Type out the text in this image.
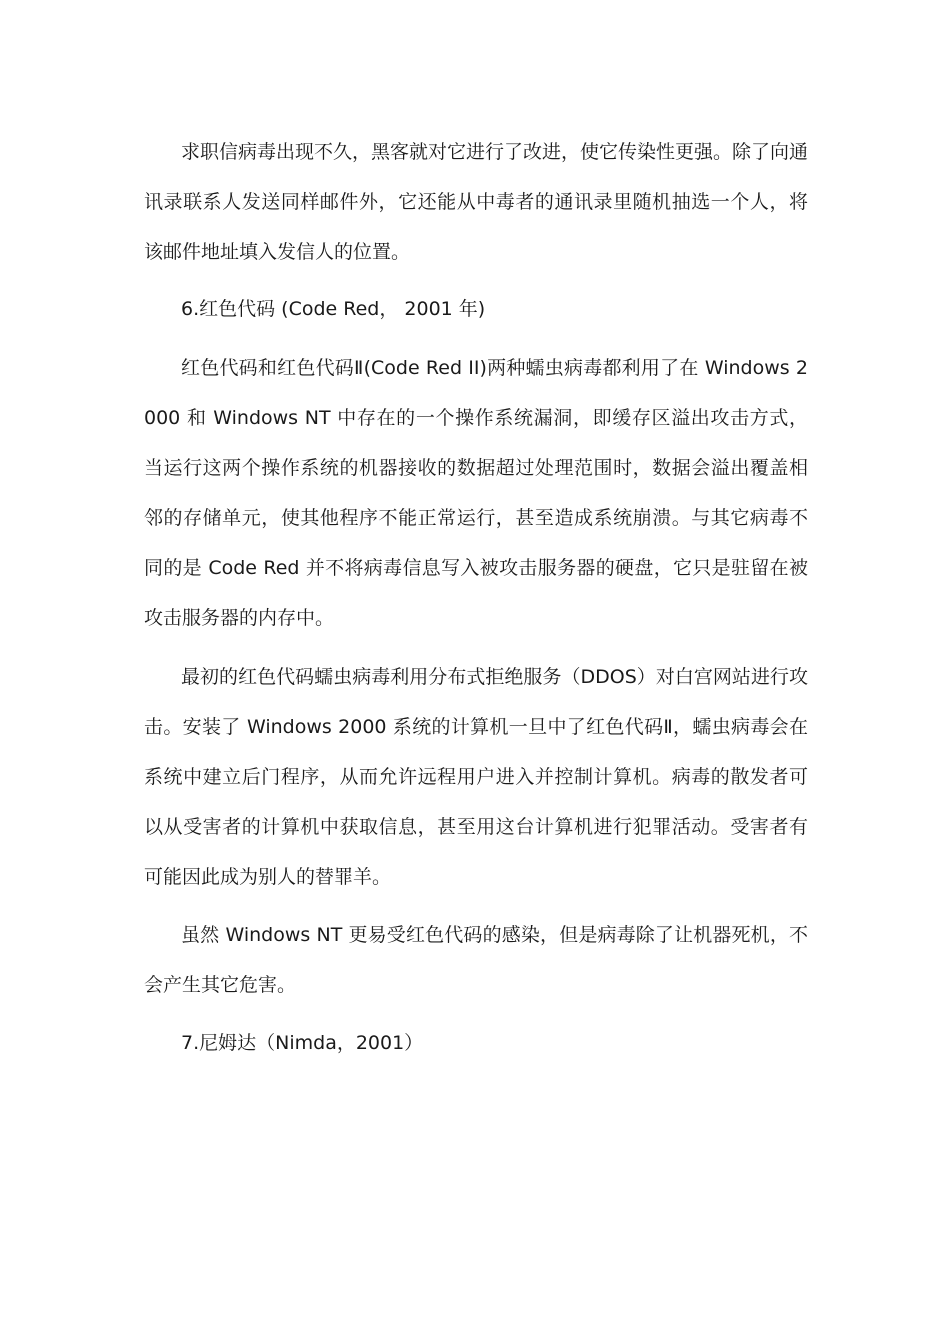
求职信病毒出现不久，黑客就对它进行了改进，使它传染性更强。除了向通讯录联系人发送同样邮件外，它还能从中毒者的通讯录里随机抽选一个人，将该邮件地址填入发信人的位置。

6.红色代码 (Code Red， 2001 年)

红色代码和红色代码Ⅱ(Code Red II)两种蠕虫病毒都利用了在 Windows 2000 和 Windows NT 中存在的一个操作系统漏洞，即缓存区溢出攻击方式，当运行这两个操作系统的机器接收的数据超过处理范围时，数据会溢出覆盖相邻的存储单元，使其他程序不能正常运行，甚至造成系统崩溃。与其它病毒不同的是 Code Red 并不将病毒信息写入被攻击服务器的硬盘，它只是驻留在被攻击服务器的内存中。

最初的红色代码蠕虫病毒利用分布式拒绝服务（DDOS）对白宫网站进行攻击。安装了 Windows 2000 系统的计算机一旦中了红色代码Ⅱ，蠕虫病毒会在系统中建立后门程序，从而允许远程用户进入并控制计算机。病毒的散发者可以从受害者的计算机中获取信息，甚至用这台计算机进行犯罪活动。受害者有可能因此成为别人的替罪羊。

虽然 Windows NT 更易受红色代码的感染，但是病毒除了让机器死机，不会产生其它危害。

7.尼姆达（Nimda，2001）
